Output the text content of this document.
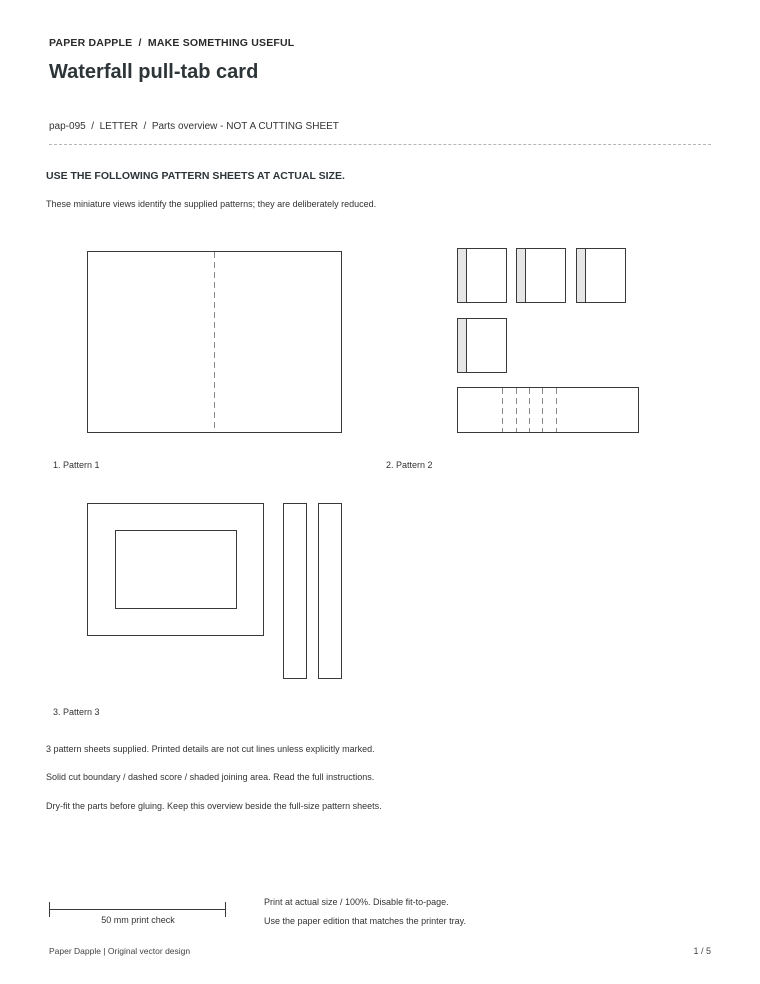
PAPER DAPPLE  /  MAKE SOMETHING USEFUL
Waterfall pull-tab card
pap-095  /  LETTER  /  Parts overview - NOT A CUTTING SHEET
USE THE FOLLOWING PATTERN SHEETS AT ACTUAL SIZE.
These miniature views identify the supplied patterns; they are deliberately reduced.
1. Pattern 1	2. Pattern 2
3. Pattern 3
3 pattern sheets supplied. Printed details are not cut lines unless explicitly marked.
Solid cut boundary / dashed score / shaded joining area. Read the full instructions.
Dry-fit the parts before gluing. Keep this overview beside the full-size pattern sheets.
50 mm print check
Print at actual size / 100%. Disable fit-to-page.
Use the paper edition that matches the printer tray.
Paper Dapple | Original vector design	1 / 5
